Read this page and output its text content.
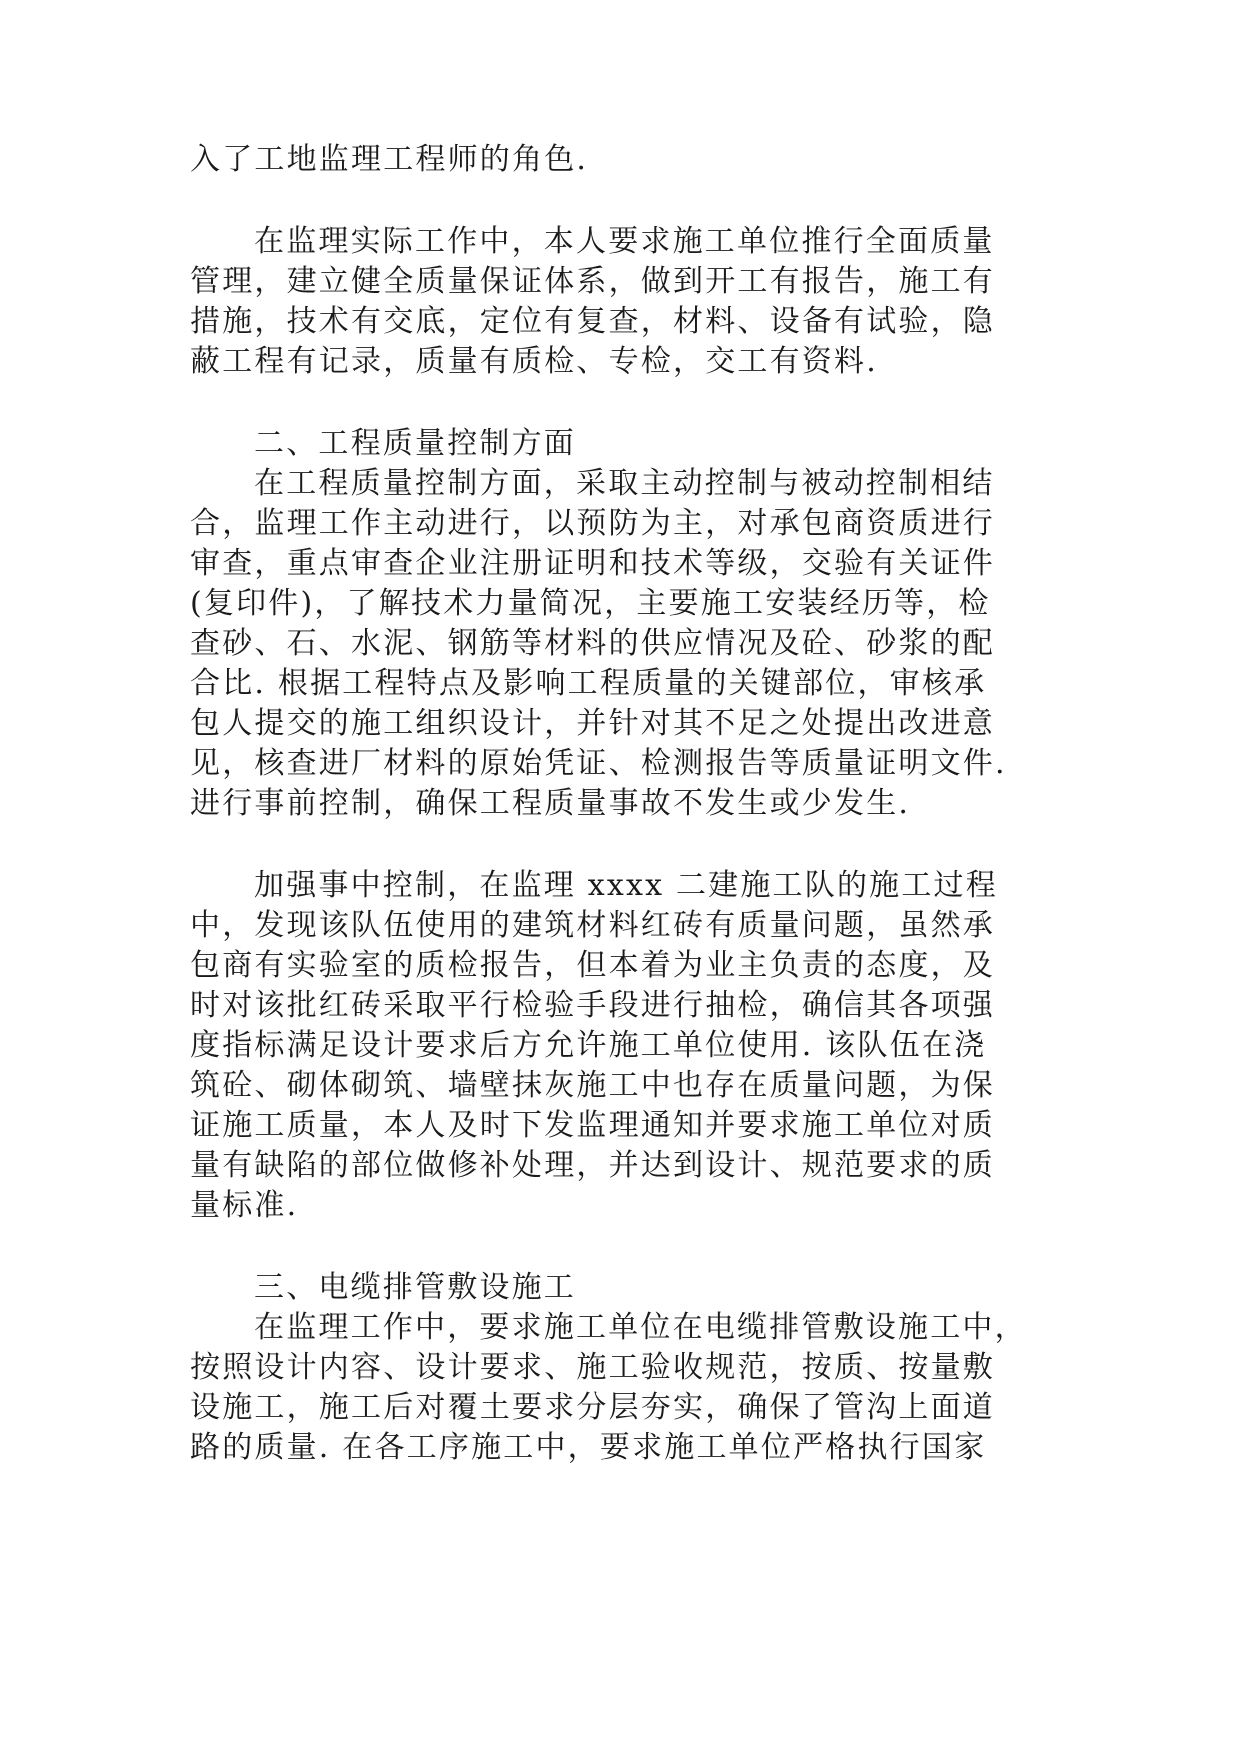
入了工地监理工程师的角色.
在监理实际工作中，本人要求施工单位推行全面质量
管理，建立健全质量保证体系，做到开工有报告，施工有
措施，技术有交底，定位有复查，材料、设备有试验，隐
蔽工程有记录，质量有质检、专检，交工有资料.
二、工程质量控制方面
在工程质量控制方面，采取主动控制与被动控制相结
合，监理工作主动进行，以预防为主，对承包商资质进行
审查，重点审查企业注册证明和技术等级，交验有关证件
(复印件)，了解技术力量简况，主要施工安装经历等，检
查砂、石、水泥、钢筋等材料的供应情况及砼、砂浆的配
合比. 根据工程特点及影响工程质量的关键部位，审核承
包人提交的施工组织设计，并针对其不足之处提出改进意
见，核查进厂材料的原始凭证、检测报告等质量证明文件.
进行事前控制，确保工程质量事故不发生或少发生.
加强事中控制，在监理 xxxx 二建施工队的施工过程
中，发现该队伍使用的建筑材料红砖有质量问题，虽然承
包商有实验室的质检报告，但本着为业主负责的态度，及
时对该批红砖采取平行检验手段进行抽检，确信其各项强
度指标满足设计要求后方允许施工单位使用. 该队伍在浇
筑砼、砌体砌筑、墙壁抹灰施工中也存在质量问题，为保
证施工质量，本人及时下发监理通知并要求施工单位对质
量有缺陷的部位做修补处理，并达到设计、规范要求的质
量标准.
三、电缆排管敷设施工
在监理工作中，要求施工单位在电缆排管敷设施工中，
按照设计内容、设计要求、施工验收规范，按质、按量敷
设施工，施工后对覆土要求分层夯实，确保了管沟上面道
路的质量. 在各工序施工中，要求施工单位严格执行国家
